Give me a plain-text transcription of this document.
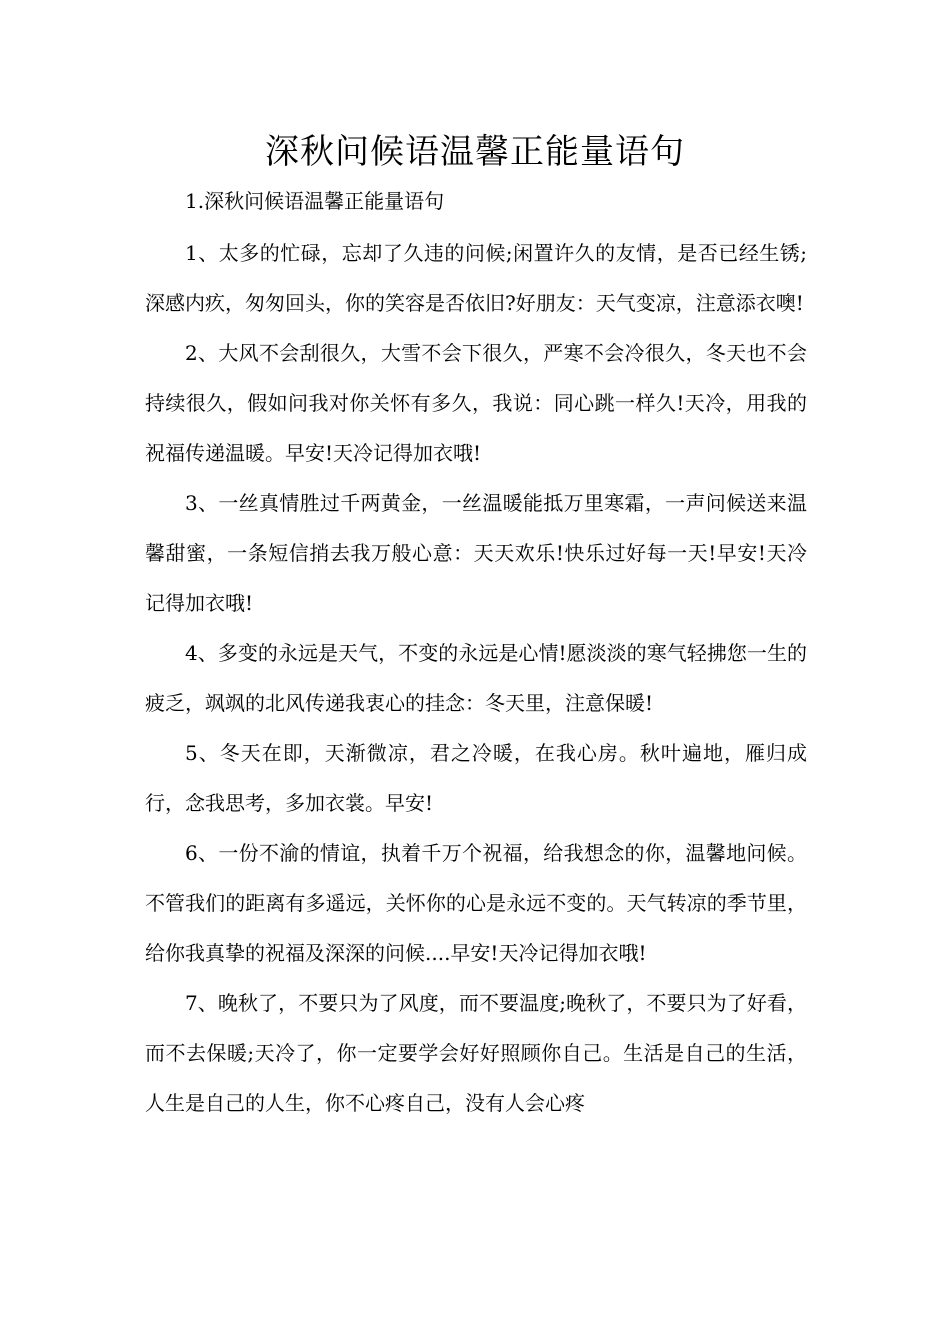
深秋问候语温馨正能量语句

1.深秋问候语温馨正能量语句

1、太多的忙碌，忘却了久违的问候;闲置许久的友情，是否已经生锈;深感内疚，匆匆回头，你的笑容是否依旧?好朋友：天气变凉，注意添衣噢!

2、大风不会刮很久，大雪不会下很久，严寒不会冷很久，冬天也不会持续很久，假如问我对你关怀有多久，我说：同心跳一样久!天冷，用我的祝福传递温暖。早安!天冷记得加衣哦!

3、一丝真情胜过千两黄金，一丝温暖能抵万里寒霜，一声问候送来温馨甜蜜，一条短信捎去我万般心意：天天欢乐!快乐过好每一天!早安!天冷记得加衣哦!

4、多变的永远是天气，不变的永远是心情!愿淡淡的寒气轻拂您一生的疲乏，飒飒的北风传递我衷心的挂念：冬天里，注意保暖!

5、冬天在即，天渐微凉，君之冷暖，在我心房。秋叶遍地，雁归成行，念我思考，多加衣裳。早安!

6、一份不渝的情谊，执着千万个祝福，给我想念的你，温馨地问候。不管我们的距离有多遥远，关怀你的心是永远不变的。天气转凉的季节里，给你我真挚的祝福及深深的问候....早安!天冷记得加衣哦!

7、晚秋了，不要只为了风度，而不要温度;晚秋了，不要只为了好看，而不去保暖;天冷了，你一定要学会好好照顾你自己。生活是自己的生活，人生是自己的人生，你不心疼自己，没有人会心疼
